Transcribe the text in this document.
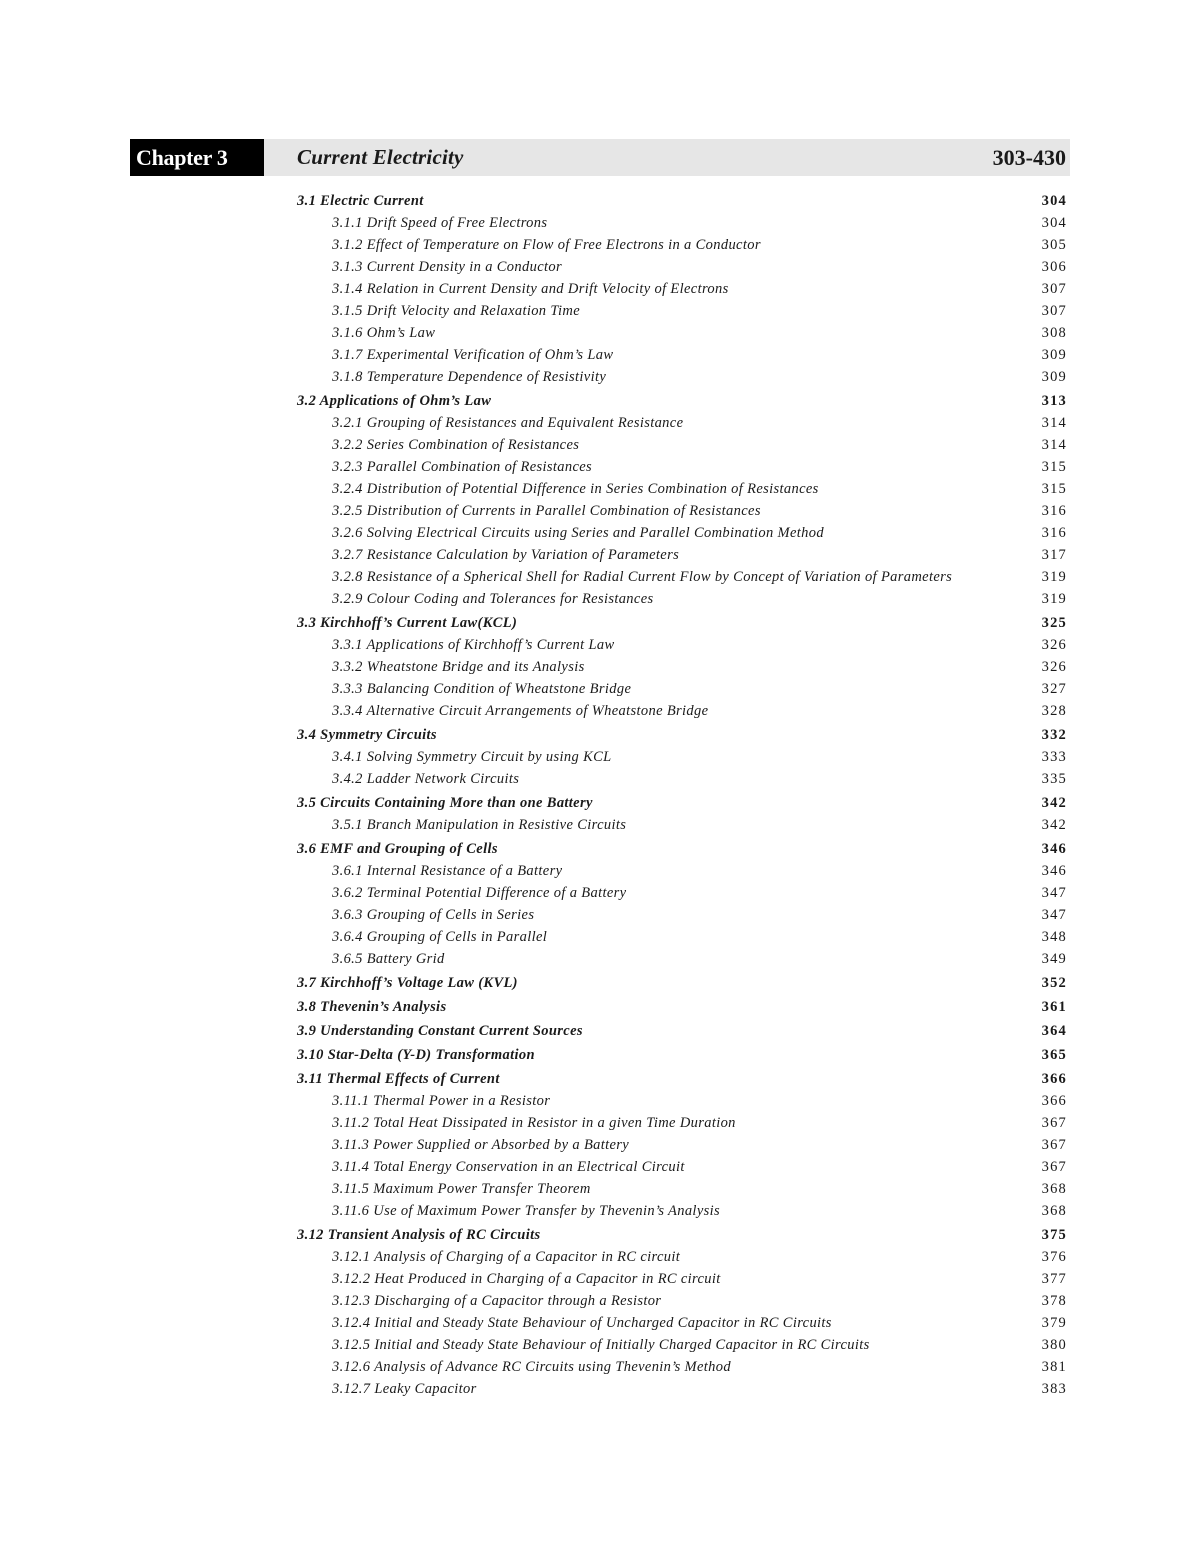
Chapter 3	Current Electricity	303-430
3.1 Electric Current	304
3.1.1 Drift Speed of Free Electrons	304
3.1.2 Effect of Temperature on Flow of Free Electrons in a Conductor	305
3.1.3 Current Density in a Conductor	306
3.1.4 Relation in Current Density and Drift Velocity of Electrons	307
3.1.5 Drift Velocity and Relaxation Time	307
3.1.6 Ohm’s Law	308
3.1.7 Experimental Verification of Ohm’s Law	309
3.1.8 Temperature Dependence of Resistivity	309
3.2 Applications of Ohm’s Law	313
3.2.1 Grouping of Resistances and Equivalent Resistance	314
3.2.2 Series Combination of Resistances	314
3.2.3 Parallel Combination of Resistances	315
3.2.4 Distribution of Potential Difference in Series Combination of Resistances	315
3.2.5 Distribution of Currents in Parallel Combination of Resistances	316
3.2.6 Solving Electrical Circuits using Series and Parallel Combination Method	316
3.2.7 Resistance Calculation by Variation of Parameters	317
3.2.8 Resistance of a Spherical Shell for Radial Current Flow by Concept of Variation of Parameters	319
3.2.9 Colour Coding and Tolerances for Resistances	319
3.3 Kirchhoff’s Current Law(KCL)	325
3.3.1 Applications of Kirchhoff’s Current Law	326
3.3.2 Wheatstone Bridge and its Analysis	326
3.3.3 Balancing Condition of Wheatstone Bridge	327
3.3.4 Alternative Circuit Arrangements of Wheatstone Bridge	328
3.4 Symmetry Circuits	332
3.4.1 Solving Symmetry Circuit by using KCL	333
3.4.2 Ladder Network Circuits	335
3.5 Circuits Containing More than one Battery	342
3.5.1 Branch Manipulation in Resistive Circuits	342
3.6 EMF and Grouping of Cells	346
3.6.1 Internal Resistance of a Battery	346
3.6.2 Terminal Potential Difference of a Battery	347
3.6.3 Grouping of Cells in Series	347
3.6.4 Grouping of Cells in Parallel	348
3.6.5 Battery Grid	349
3.7 Kirchhoff’s Voltage Law (KVL)	352
3.8 Thevenin’s Analysis	361
3.9 Understanding Constant Current Sources	364
3.10 Star-Delta (Y-D) Transformation	365
3.11 Thermal Effects of Current	366
3.11.1 Thermal Power in a Resistor	366
3.11.2 Total Heat Dissipated in Resistor in a given Time Duration	367
3.11.3 Power Supplied or Absorbed by a Battery	367
3.11.4 Total Energy Conservation in an Electrical Circuit	367
3.11.5 Maximum Power Transfer Theorem	368
3.11.6 Use of Maximum Power Transfer by Thevenin’s Analysis	368
3.12 Transient Analysis of RC Circuits	375
3.12.1 Analysis of Charging of a Capacitor in RC circuit	376
3.12.2 Heat Produced in Charging of a Capacitor in RC circuit	377
3.12.3 Discharging of a Capacitor through a Resistor	378
3.12.4 Initial and Steady State Behaviour of Uncharged Capacitor in RC Circuits	379
3.12.5 Initial and Steady State Behaviour of Initially Charged Capacitor in RC Circuits	380
3.12.6 Analysis of Advance RC Circuits using Thevenin’s Method	381
3.12.7 Leaky Capacitor	383
